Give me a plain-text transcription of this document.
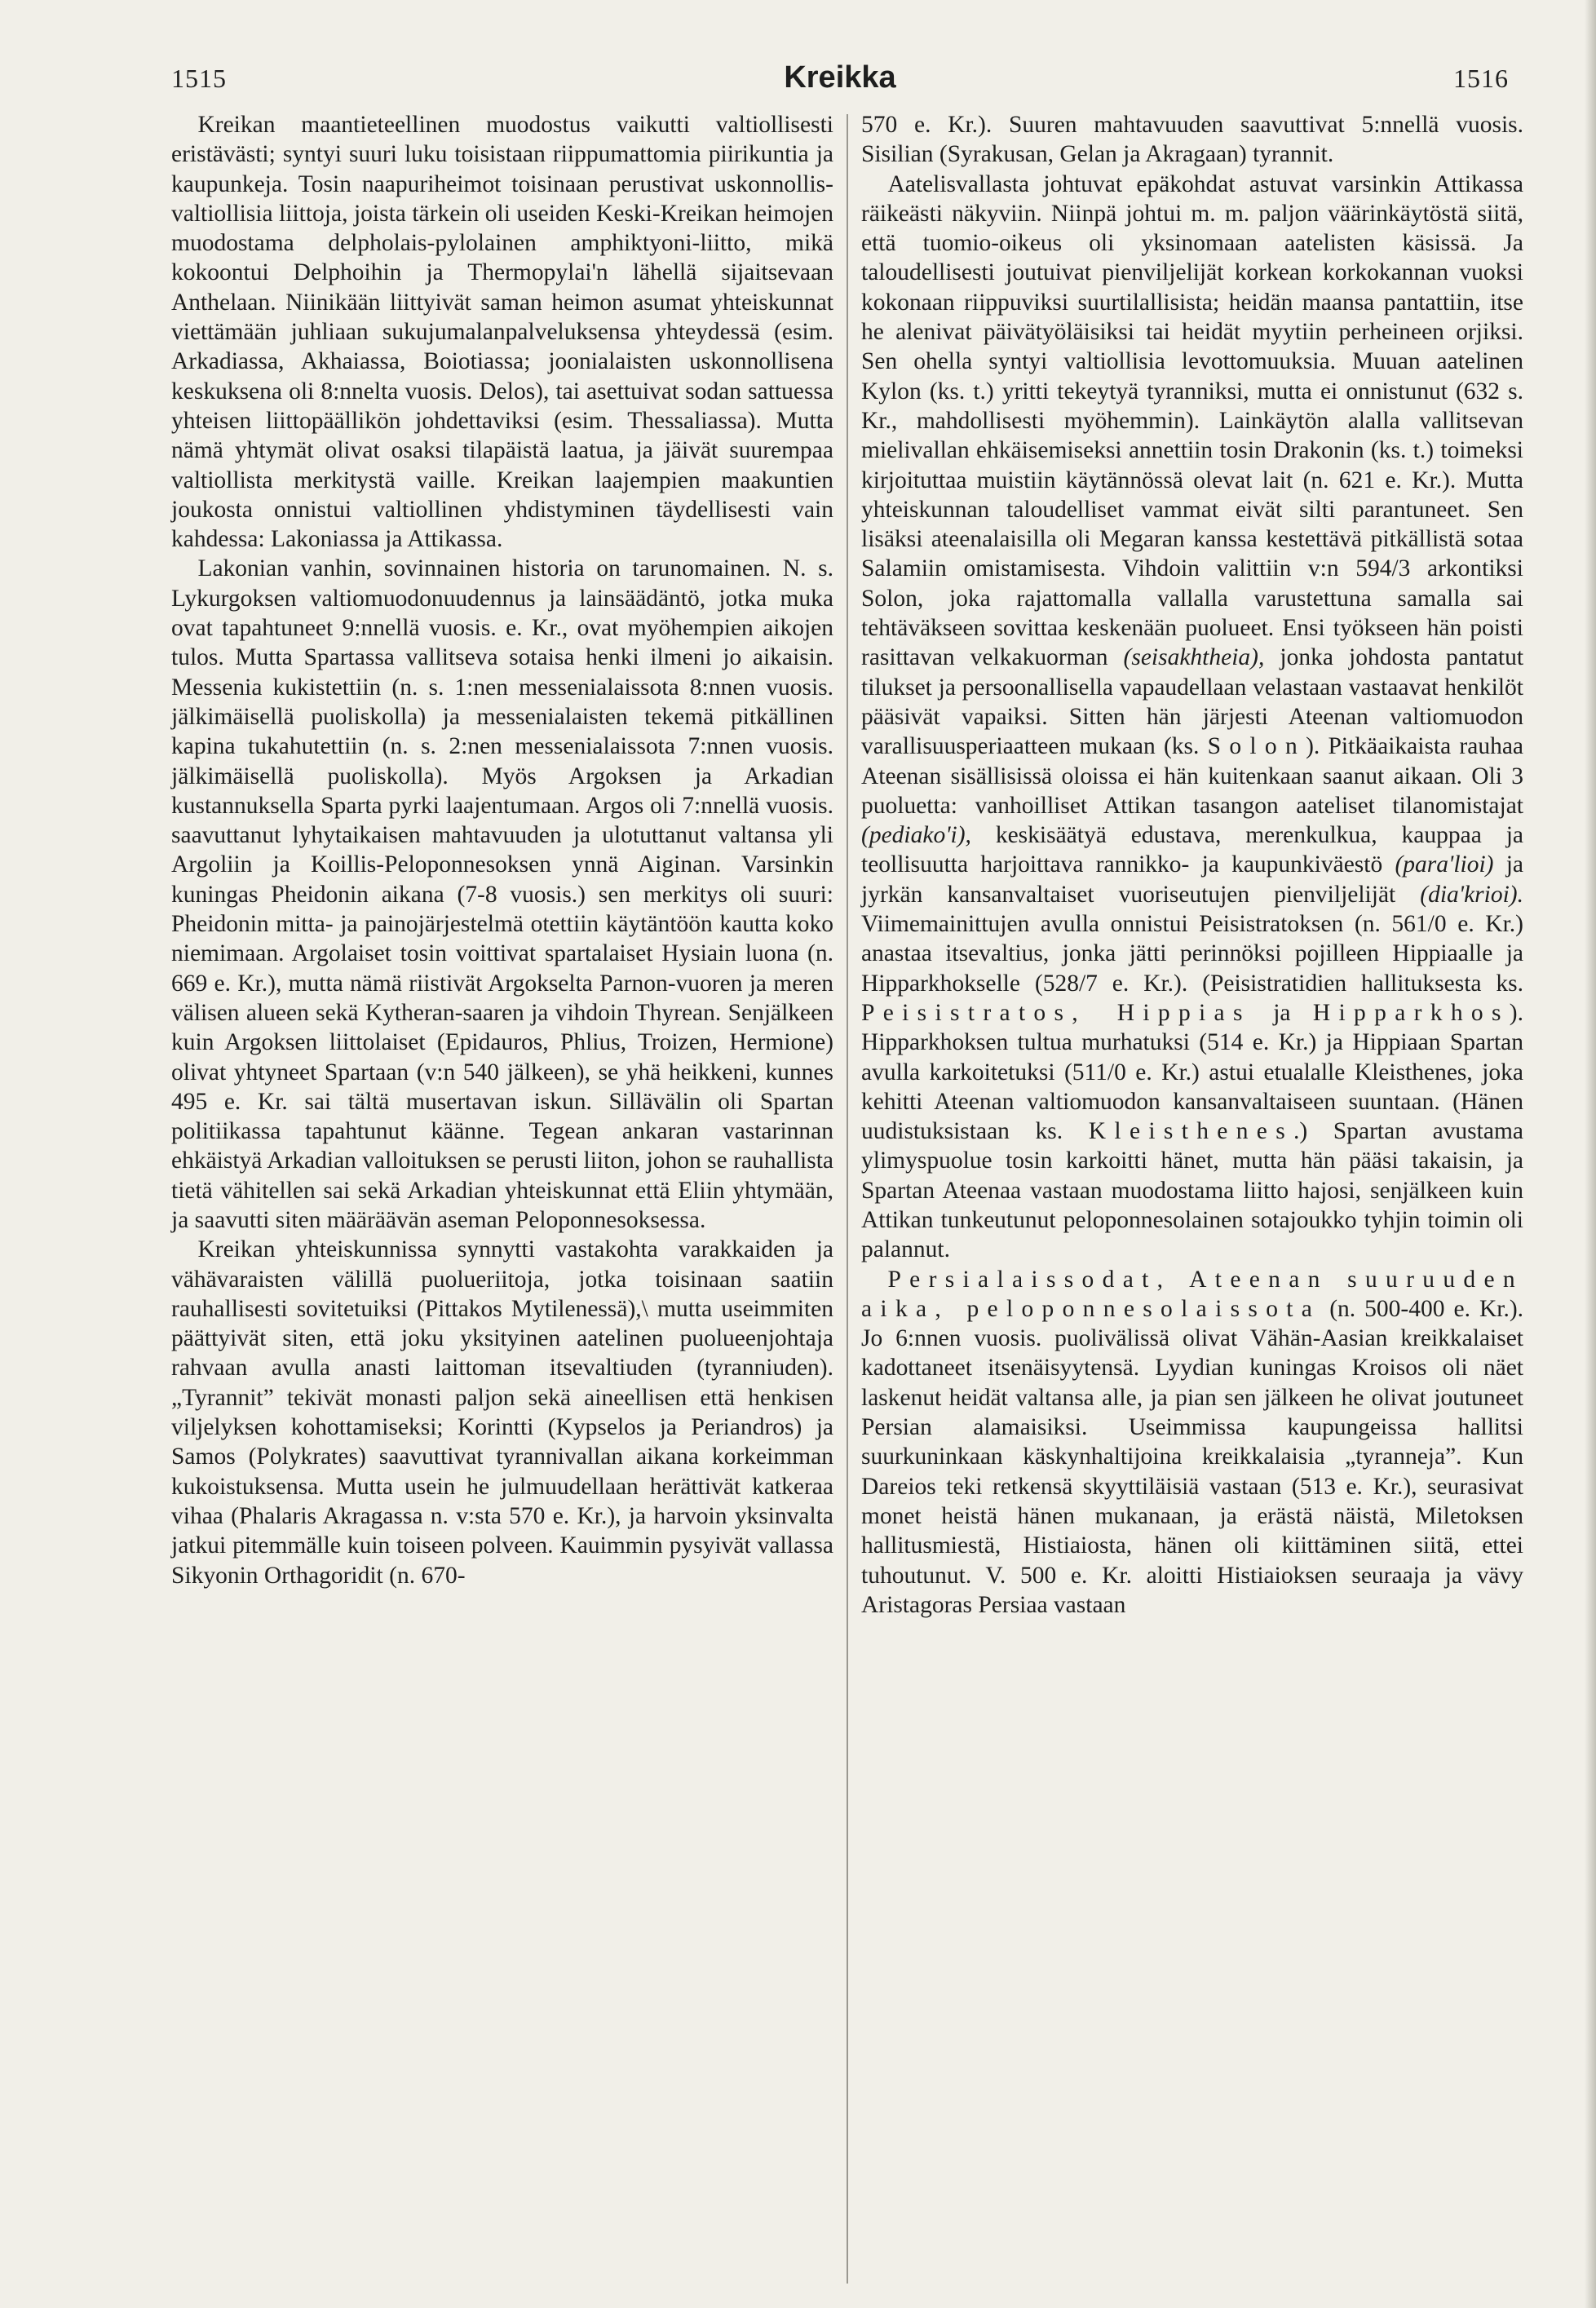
1515	Kreikka	1516

Kreikan maantieteellinen muodostus vaikutti valtiollisesti eristävästi; syntyi suuri luku toisistaan riippumattomia piirikuntia ja kaupunkeja. Tosin naapuriheimot toisinaan perustivat uskonnollis-valtiollisia liittoja, joista tärkein oli useiden Keski-Kreikan heimojen muodostama delpholais-pylolainen amphiktyoni-liitto, mikä kokoontui Delphoihin ja Thermopylai'n lähellä sijaitsevaan Anthelaan. Niinikään liittyivät saman heimon asumat yhteiskunnat viettämään juhliaan sukujumalanpalveluksensa yhteydessä (esim. Arkadiassa, Akhaiassa, Boiotiassa; joonialaisten uskonnollisena keskuksena oli 8:nnelta vuosis. Delos), tai asettuivat sodan sattuessa yhteisen liittopäällikön johdettaviksi (esim. Thessaliassa). Mutta nämä yhtymät olivat osaksi tilapäistä laatua, ja jäivät suurempaa valtiollista merkitystä vaille. Kreikan laajempien maakuntien joukosta onnistui valtiollinen yhdistyminen täydellisesti vain kahdessa: Lakoniassa ja Attikassa.

Lakonian vanhin, sovinnainen historia on tarunomainen. N. s. Lykurgoksen valtiomuodonuudennus ja lainsäädäntö, jotka muka ovat tapahtuneet 9:nnellä vuosis. e. Kr., ovat myöhempien aikojen tulos. Mutta Spartassa vallitseva sotaisa henki ilmeni jo aikaisin. Messenia kukistettiin (n. s. 1:nen messenialaissota 8:nnen vuosis. jälkimäisellä puoliskolla) ja messenialaisten tekemä pitkällinen kapina tukahutettiin (n. s. 2:nen messenialaissota 7:nnen vuosis. jälkimäisellä puoliskolla). Myös Argoksen ja Arkadian kustannuksella Sparta pyrki laajentumaan. Argos oli 7:nnellä vuosis. saavuttanut lyhytaikaisen mahtavuuden ja ulotuttanut valtansa yli Argoliin ja Koillis-Peloponnesoksen ynnä Aiginan. Varsinkin kuningas Pheidonin aikana (7-8 vuosis.) sen merkitys oli suuri: Pheidonin mitta- ja painojärjestelmä otettiin käytäntöön kautta koko niemimaan. Argolaiset tosin voittivat spartalaiset Hysiain luona (n. 669 e. Kr.), mutta nämä riistivät Argokselta Parnon-vuoren ja meren välisen alueen sekä Kytheran-saaren ja vihdoin Thyrean. Senjälkeen kuin Argoksen liittolaiset (Epidauros, Phlius, Troizen, Hermione) olivat yhtyneet Spartaan (v:n 540 jälkeen), se yhä heikkeni, kunnes 495 e. Kr. sai tältä musertavan iskun. Sillävälin oli Spartan politiikassa tapahtunut käänne. Tegean ankaran vastarinnan ehkäistyä Arkadian valloituksen se perusti liiton, johon se rauhallista tietä vähitellen sai sekä Arkadian yhteiskunnat että Eliin yhtymään, ja saavutti siten määräävän aseman Peloponnesoksessa.

Kreikan yhteiskunnissa synnytti vastakohta varakkaiden ja vähävaraisten välillä puolueriitoja, jotka toisinaan saatiin rauhallisesti sovitetuiksi (Pittakos Mytilenessä),\ mutta useimmiten päättyivät siten, että joku yksityinen aatelinen puolueenjohtaja rahvaan avulla anasti laittoman itsevaltiuden (tyranniuden). „Tyrannit” tekivät monasti paljon sekä aineellisen että henkisen viljelyksen kohottamiseksi; Korintti (Kypselos ja Periandros) ja Samos (Polykrates) saavuttivat tyrannivallan aikana korkeimman kukoistuksensa. Mutta usein he julmuudellaan herättivät katkeraa vihaa (Phalaris Akragassa n. v:sta 570 e. Kr.), ja harvoin yksinvalta jatkui pitemmälle kuin toiseen polveen. Kauimmin pysyivät vallassa Sikyonin Orthagoridit (n. 670-

570 e. Kr.). Suuren mahtavuuden saavuttivat 5:nnellä vuosis. Sisilian (Syrakusan, Gelan ja Akragaan) tyrannit.

Aatelisvallasta johtuvat epäkohdat astuvat varsinkin Attikassa räikeästi näkyviin. Niinpä johtui m. m. paljon väärinkäytöstä siitä, että tuomio-oikeus oli yksinomaan aatelisten käsissä. Ja taloudellisesti joutuivat pienviljelijät korkean korkokannan vuoksi kokonaan riippuviksi suurtilallisista; heidän maansa pantattiin, itse he alenivat päivätyöläisiksi tai heidät myytiin perheineen orjiksi. Sen ohella syntyi valtiollisia levottomuuksia. Muuan aatelinen Kylon (ks. t.) yritti tekeytyä tyranniksi, mutta ei onnistunut (632 s. Kr., mahdollisesti myöhemmin). Lainkäytön alalla vallitsevan mielivallan ehkäisemiseksi annettiin tosin Drakonin (ks. t.) toimeksi kirjoituttaa muistiin käytännössä olevat lait (n. 621 e. Kr.). Mutta yhteiskunnan taloudelliset vammat eivät silti parantuneet. Sen lisäksi ateenalaisilla oli Megaran kanssa kestettävä pitkällistä sotaa Salamiin omistamisesta. Vihdoin valittiin v:n 594/3 arkontiksi Solon, joka rajattomalla vallalla varustettuna samalla sai tehtäväkseen sovittaa keskenään puolueet. Ensi työkseen hän poisti rasittavan velkakuorman (seisakhtheia), jonka johdosta pantatut tilukset ja persoonallisella vapaudellaan velastaan vastaavat henkilöt pääsivät vapaiksi. Sitten hän järjesti Ateenan valtiomuodon varallisuusperiaatteen mukaan (ks. Solon). Pitkäaikaista rauhaa Ateenan sisällisissä oloissa ei hän kuitenkaan saanut aikaan. Oli 3 puoluetta: vanhoilliset Attikan tasangon aateliset tilanomistajat (pediako'i), keskisäätyä edustava, merenkulkua, kauppaa ja teollisuutta harjoittava rannikko- ja kaupunkiväestö (para'lioi) ja jyrkän kansanvaltaiset vuoriseutujen pienviljelijät (dia'krioi). Viimemainittujen avulla onnistui Peisistratoksen (n. 561/0 e. Kr.) anastaa itsevaltius, jonka jätti perinnöksi pojilleen Hippiaalle ja Hipparkhokselle (528/7 e. Kr.). (Peisistratidien hallituksesta ks. Peisistratos, Hippias ja Hipparkhos). Hipparkhoksen tultua murhatuksi (514 e. Kr.) ja Hippiaan Spartan avulla karkoitetuksi (511/0 e. Kr.) astui etualalle Kleisthenes, joka kehitti Ateenan valtiomuodon kansanvaltaiseen suuntaan. (Hänen uudistuksistaan ks. Kleisthenes.) Spartan avustama ylimyspuolue tosin karkoitti hänet, mutta hän pääsi takaisin, ja Spartan Ateenaa vastaan muodostama liitto hajosi, senjälkeen kuin Attikan tunkeutunut peloponnesolainen sotajoukko tyhjin toimin oli palannut.

Persialaissodat, Ateenan suuruuden aika, peloponnesolaissota (n. 500-400 e. Kr.). Jo 6:nnen vuosis. puolivälissä olivat Vähän-Aasian kreikkalaiset kadottaneet itsenäisyytensä. Lyydian kuningas Kroisos oli näet laskenut heidät valtansa alle, ja pian sen jälkeen he olivat joutuneet Persian alamaisiksi. Useimmissa kaupungeissa hallitsi suurkuninkaan käskynhaltijoina kreikkalaisia „tyranneja”. Kun Dareios teki retkensä skyyttiläisiä vastaan (513 e. Kr.), seurasivat monet heistä hänen mukanaan, ja erästä näistä, Miletoksen hallitusmiestä, Histiaiosta, hänen oli kiittäminen siitä, ettei tuhoutunut. V. 500 e. Kr. aloitti Histiaioksen seuraaja ja vävy Aristagoras Persiaa vastaan
